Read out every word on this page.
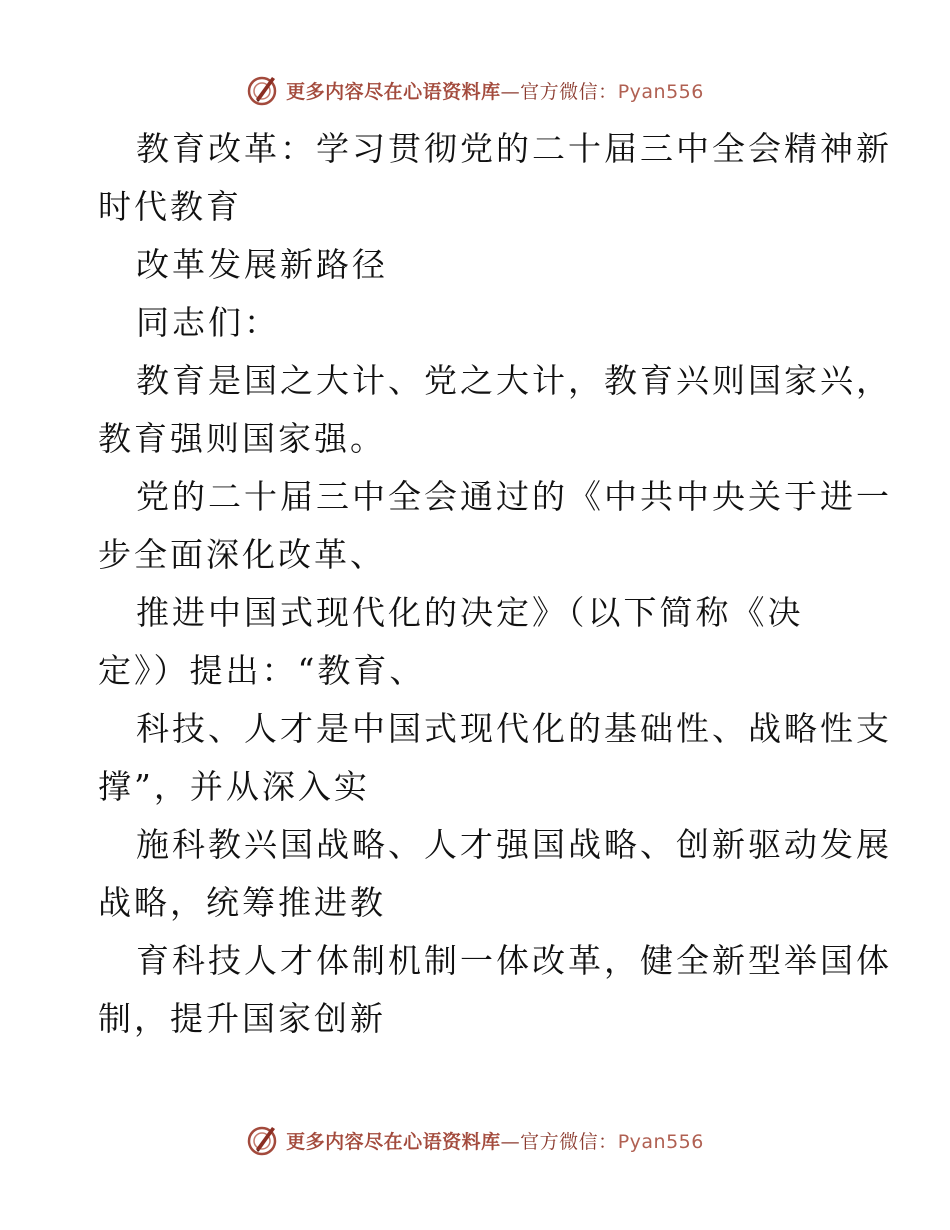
更多内容尽在心语资料库—官方微信：Pyan556

教育改革：学习贯彻党的二十届三中全会精神新

时代教育

改革发展新路径

同志们：

教育是国之大计、党之大计，教育兴则国家兴，

教育强则国家强。

党的二十届三中全会通过的《中共中央关于进一

步全面深化改革、

推进中国式现代化的决定》（以下简称《决

定》）提出：“教育、

科技、人才是中国式现代化的基础性、战略性支

撑”，并从深入实

施科教兴国战略、人才强国战略、创新驱动发展

战略，统筹推进教

育科技人才体制机制一体改革，健全新型举国体

制，提升国家创新

更多内容尽在心语资料库—官方微信：Pyan556
